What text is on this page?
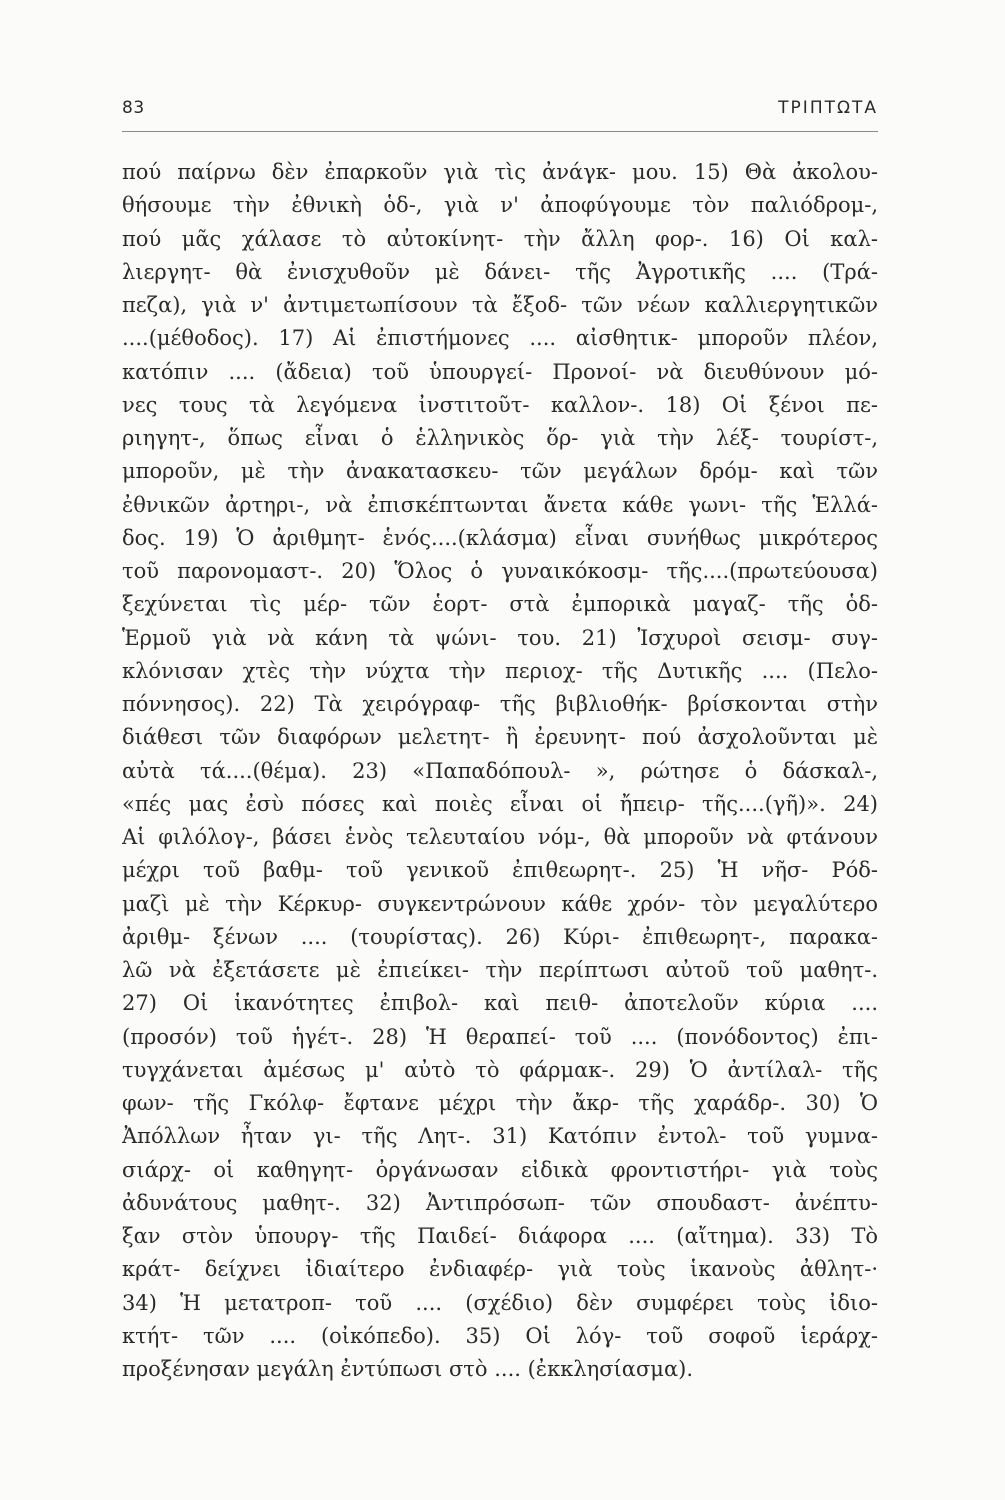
83	ΤΡΙΠΤΩΤΑ
πού παίρνω δὲν ἐπαρκοῦν γιὰ τὶς ἀνάγκ- μου. 15) Θὰ ἀκολου-
θήσουμε τὴν ἐθνικὴ ὁδ-, γιὰ ν' ἀποφύγουμε τὸν παλιόδρομ-,
πού μᾶς χάλασε τὸ αὐτοκίνητ- τὴν ἄλλη φορ-. 16) Οἱ καλ-
λιεργητ- θὰ ἐνισχυθοῦν μὲ δάνει- τῆς Ἀγροτικῆς .... (Τρά-
πεζα), γιὰ ν' ἀντιμετωπίσουν τὰ ἔξοδ- τῶν νέων καλλιεργητικῶν
....(μέθοδος). 17) Αἱ ἐπιστήμονες .... αἰσθητικ- μποροῦν πλέον,
κατόπιν .... (ἄδεια) τοῦ ὑπουργεί- Προνοί- νὰ διευθύνουν μό-
νες τους τὰ λεγόμενα ἰνστιτοῦτ- καλλον-. 18) Οἱ ξένοι πε-
ριηγητ-, ὅπως εἶναι ὁ ἑλληνικὸς ὅρ- γιὰ τὴν λέξ- τουρίστ-,
μποροῦν, μὲ τὴν ἀνακατασκευ- τῶν μεγάλων δρόμ- καὶ τῶν
ἐθνικῶν ἀρτηρι-, νὰ ἐπισκέπτωνται ἄνετα κάθε γωνι- τῆς Ἑλλά-
δος. 19) Ὁ ἀριθμητ- ἑνός....(κλάσμα) εἶναι συνήθως μικρότερος
τοῦ παρονομαστ-. 20) Ὅλος ὁ γυναικόκοσμ- τῆς....(πρωτεύουσα)
ξεχύνεται τὶς μέρ- τῶν ἑορτ- στὰ ἐμπορικὰ μαγαζ- τῆς ὁδ-
Ἑρμοῦ γιὰ νὰ κάνη τὰ ψώνι- του. 21) Ἰσχυροὶ σεισμ- συγ-
κλόνισαν χτὲς τὴν νύχτα τὴν περιοχ- τῆς Δυτικῆς .... (Πελο-
πόννησος). 22) Τὰ χειρόγραφ- τῆς βιβλιοθήκ- βρίσκονται στὴν
διάθεσι τῶν διαφόρων μελετητ- ἢ ἐρευνητ- πού ἀσχολοῦνται μὲ
αὐτὰ τά....(θέμα). 23) «Παπαδόπουλ- », ρώτησε ὁ δάσκαλ-,
«πές μας ἐσὺ πόσες καὶ ποιὲς εἶναι οἱ ἤπειρ- τῆς....(γῆ)». 24)
Αἱ φιλόλογ-, βάσει ἑνὸς τελευταίου νόμ-, θὰ μποροῦν νὰ φτάνουν
μέχρι τοῦ βαθμ- τοῦ γενικοῦ ἐπιθεωρητ-. 25) Ἡ νῆσ- Ρόδ-
μαζὶ μὲ τὴν Κέρκυρ- συγκεντρώνουν κάθε χρόν- τὸν μεγαλύτερο
ἀριθμ- ξένων .... (τουρίστας). 26) Κύρι- ἐπιθεωρητ-, παρακα-
λῶ νὰ ἐξετάσετε μὲ ἐπιείκει- τὴν περίπτωσι αὐτοῦ τοῦ μαθητ-.
27) Οἱ ἱκανότητες ἐπιβολ- καὶ πειθ- ἀποτελοῦν κύρια ....
(προσόν) τοῦ ἡγέτ-. 28) Ἡ θεραπεί- τοῦ .... (πονόδοντος) ἐπι-
τυγχάνεται ἀμέσως μ' αὐτὸ τὸ φάρμακ-. 29) Ὁ ἀντίλαλ- τῆς
φων- τῆς Γκόλφ- ἔφτανε μέχρι τὴν ἄκρ- τῆς χαράδρ-. 30) Ὁ
Ἀπόλλων ἦταν γι- τῆς Λητ-. 31) Κατόπιν ἐντολ- τοῦ γυμνα-
σιάρχ- οἱ καθηγητ- ὀργάνωσαν εἰδικὰ φροντιστήρι- γιὰ τοὺς
ἀδυνάτους μαθητ-. 32) Ἀντιπρόσωπ- τῶν σπουδαστ- ἀνέπτυ-
ξαν στὸν ὑπουργ- τῆς Παιδεί- διάφορα .... (αἴτημα). 33) Τὸ
κράτ- δείχνει ἰδιαίτερο ἐνδιαφέρ- γιὰ τοὺς ἱκανοὺς ἀθλητ-·
34) Ἡ μετατροπ- τοῦ .... (σχέδιο) δὲν συμφέρει τοὺς ἰδιο-
κτήτ- τῶν .... (οἰκόπεδο). 35) Οἱ λόγ- τοῦ σοφοῦ ἱεράρχ-
προξένησαν μεγάλη ἐντύπωσι στὸ .... (ἐκκλησίασμα).
